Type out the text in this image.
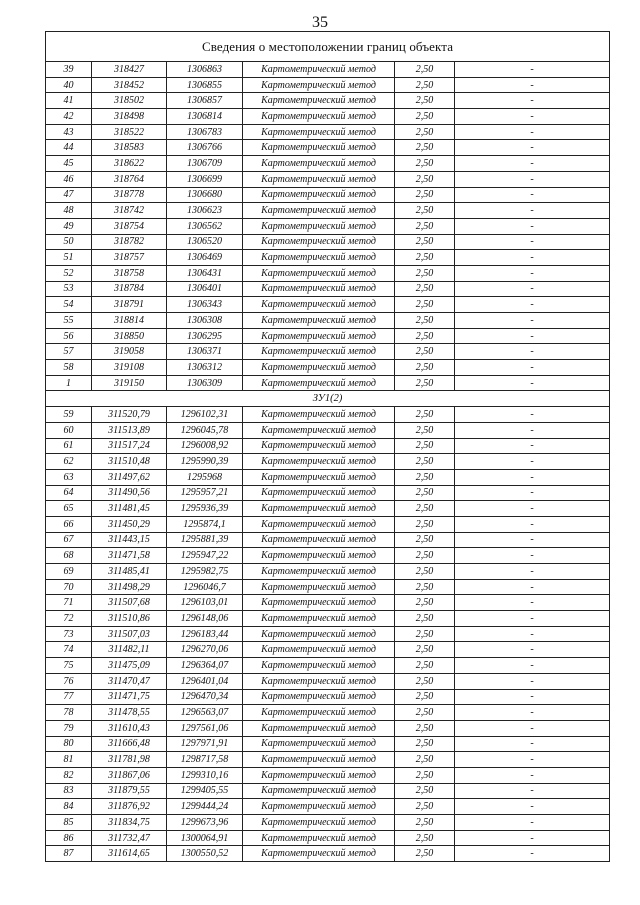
35
Сведения о местоположении границ объекта					
39	318427	1306863	Картометрический метод	2,50	-
40	318452	1306855	Картометрический метод	2,50	-
41	318502	1306857	Картометрический метод	2,50	-
42	318498	1306814	Картометрический метод	2,50	-
43	318522	1306783	Картометрический метод	2,50	-
44	318583	1306766	Картометрический метод	2,50	-
45	318622	1306709	Картометрический метод	2,50	-
46	318764	1306699	Картометрический метод	2,50	-
47	318778	1306680	Картометрический метод	2,50	-
48	318742	1306623	Картометрический метод	2,50	-
49	318754	1306562	Картометрический метод	2,50	-
50	318782	1306520	Картометрический метод	2,50	-
51	318757	1306469	Картометрический метод	2,50	-
52	318758	1306431	Картометрический метод	2,50	-
53	318784	1306401	Картометрический метод	2,50	-
54	318791	1306343	Картометрический метод	2,50	-
55	318814	1306308	Картометрический метод	2,50	-
56	318850	1306295	Картометрический метод	2,50	-
57	319058	1306371	Картометрический метод	2,50	-
58	319108	1306312	Картометрический метод	2,50	-
1	319150	1306309	Картометрический метод	2,50	-
ЗУ1(2)					
59	311520,79	1296102,31	Картометрический метод	2,50	-
60	311513,89	1296045,78	Картометрический метод	2,50	-
61	311517,24	1296008,92	Картометрический метод	2,50	-
62	311510,48	1295990,39	Картометрический метод	2,50	-
63	311497,62	1295968	Картометрический метод	2,50	-
64	311490,56	1295957,21	Картометрический метод	2,50	-
65	311481,45	1295936,39	Картометрический метод	2,50	-
66	311450,29	1295874,1	Картометрический метод	2,50	-
67	311443,15	1295881,39	Картометрический метод	2,50	-
68	311471,58	1295947,22	Картометрический метод	2,50	-
69	311485,41	1295982,75	Картометрический метод	2,50	-
70	311498,29	1296046,7	Картометрический метод	2,50	-
71	311507,68	1296103,01	Картометрический метод	2,50	-
72	311510,86	1296148,06	Картометрический метод	2,50	-
73	311507,03	1296183,44	Картометрический метод	2,50	-
74	311482,11	1296270,06	Картометрический метод	2,50	-
75	311475,09	1296364,07	Картометрический метод	2,50	-
76	311470,47	1296401,04	Картометрический метод	2,50	-
77	311471,75	1296470,34	Картометрический метод	2,50	-
78	311478,55	1296563,07	Картометрический метод	2,50	-
79	311610,43	1297561,06	Картометрический метод	2,50	-
80	311666,48	1297971,91	Картометрический метод	2,50	-
81	311781,98	1298717,58	Картометрический метод	2,50	-
82	311867,06	1299310,16	Картометрический метод	2,50	-
83	311879,55	1299405,55	Картометрический метод	2,50	-
84	311876,92	1299444,24	Картометрический метод	2,50	-
85	311834,75	1299673,96	Картометрический метод	2,50	-
86	311732,47	1300064,91	Картометрический метод	2,50	-
87	311614,65	1300550,52	Картометрический метод	2,50	-
